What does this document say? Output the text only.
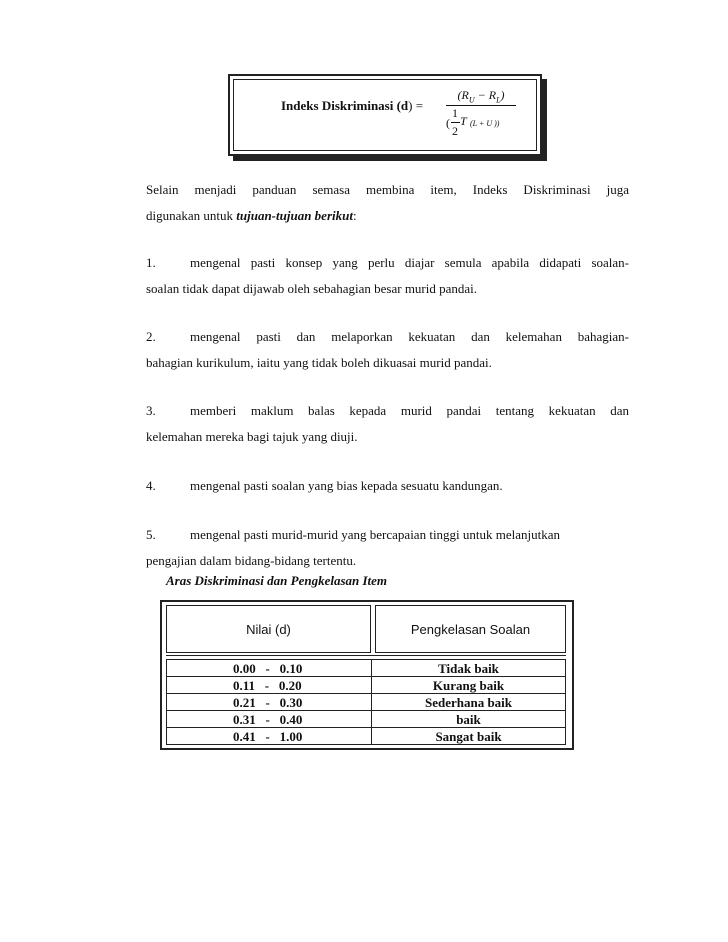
Indeks Diskriminasi (d) =
$(R_U - R_L)$
1
( T (L + U ))
2

Selain menjadi panduan semasa membina item, Indeks Diskriminasi juga

digunakan untuk tujuan-tujuan berikut:

1.	mengenal pasti konsep yang perlu diajar semula apabila didapati soalan-
soalan tidak dapat dijawab oleh sebahagian besar murid pandai.
2.	mengenal pasti dan melaporkan kekuatan dan kelemahan bahagian-
bahagian kurikulum, iaitu yang tidak boleh dikuasai murid pandai.
3.	memberi maklum balas kepada murid pandai tentang kekuatan dan
kelemahan mereka bagi tajuk yang diuji.
4.	mengenal pasti soalan yang bias kepada sesuatu kandungan.
5.	mengenal pasti murid-murid yang bercapaian tinggi untuk melanjutkan
pengajian dalam bidang-bidang tertentu.
Aras Diskriminasi dan Pengkelasan Item
Nilai (d)	Pengkelasan Soalan
0.00   -   0.10	Tidak baik
0.11   -   0.20	Kurang baik
0.21   -   0.30	Sederhana baik
0.31   -   0.40	baik
0.41   -   1.00	Sangat baik
